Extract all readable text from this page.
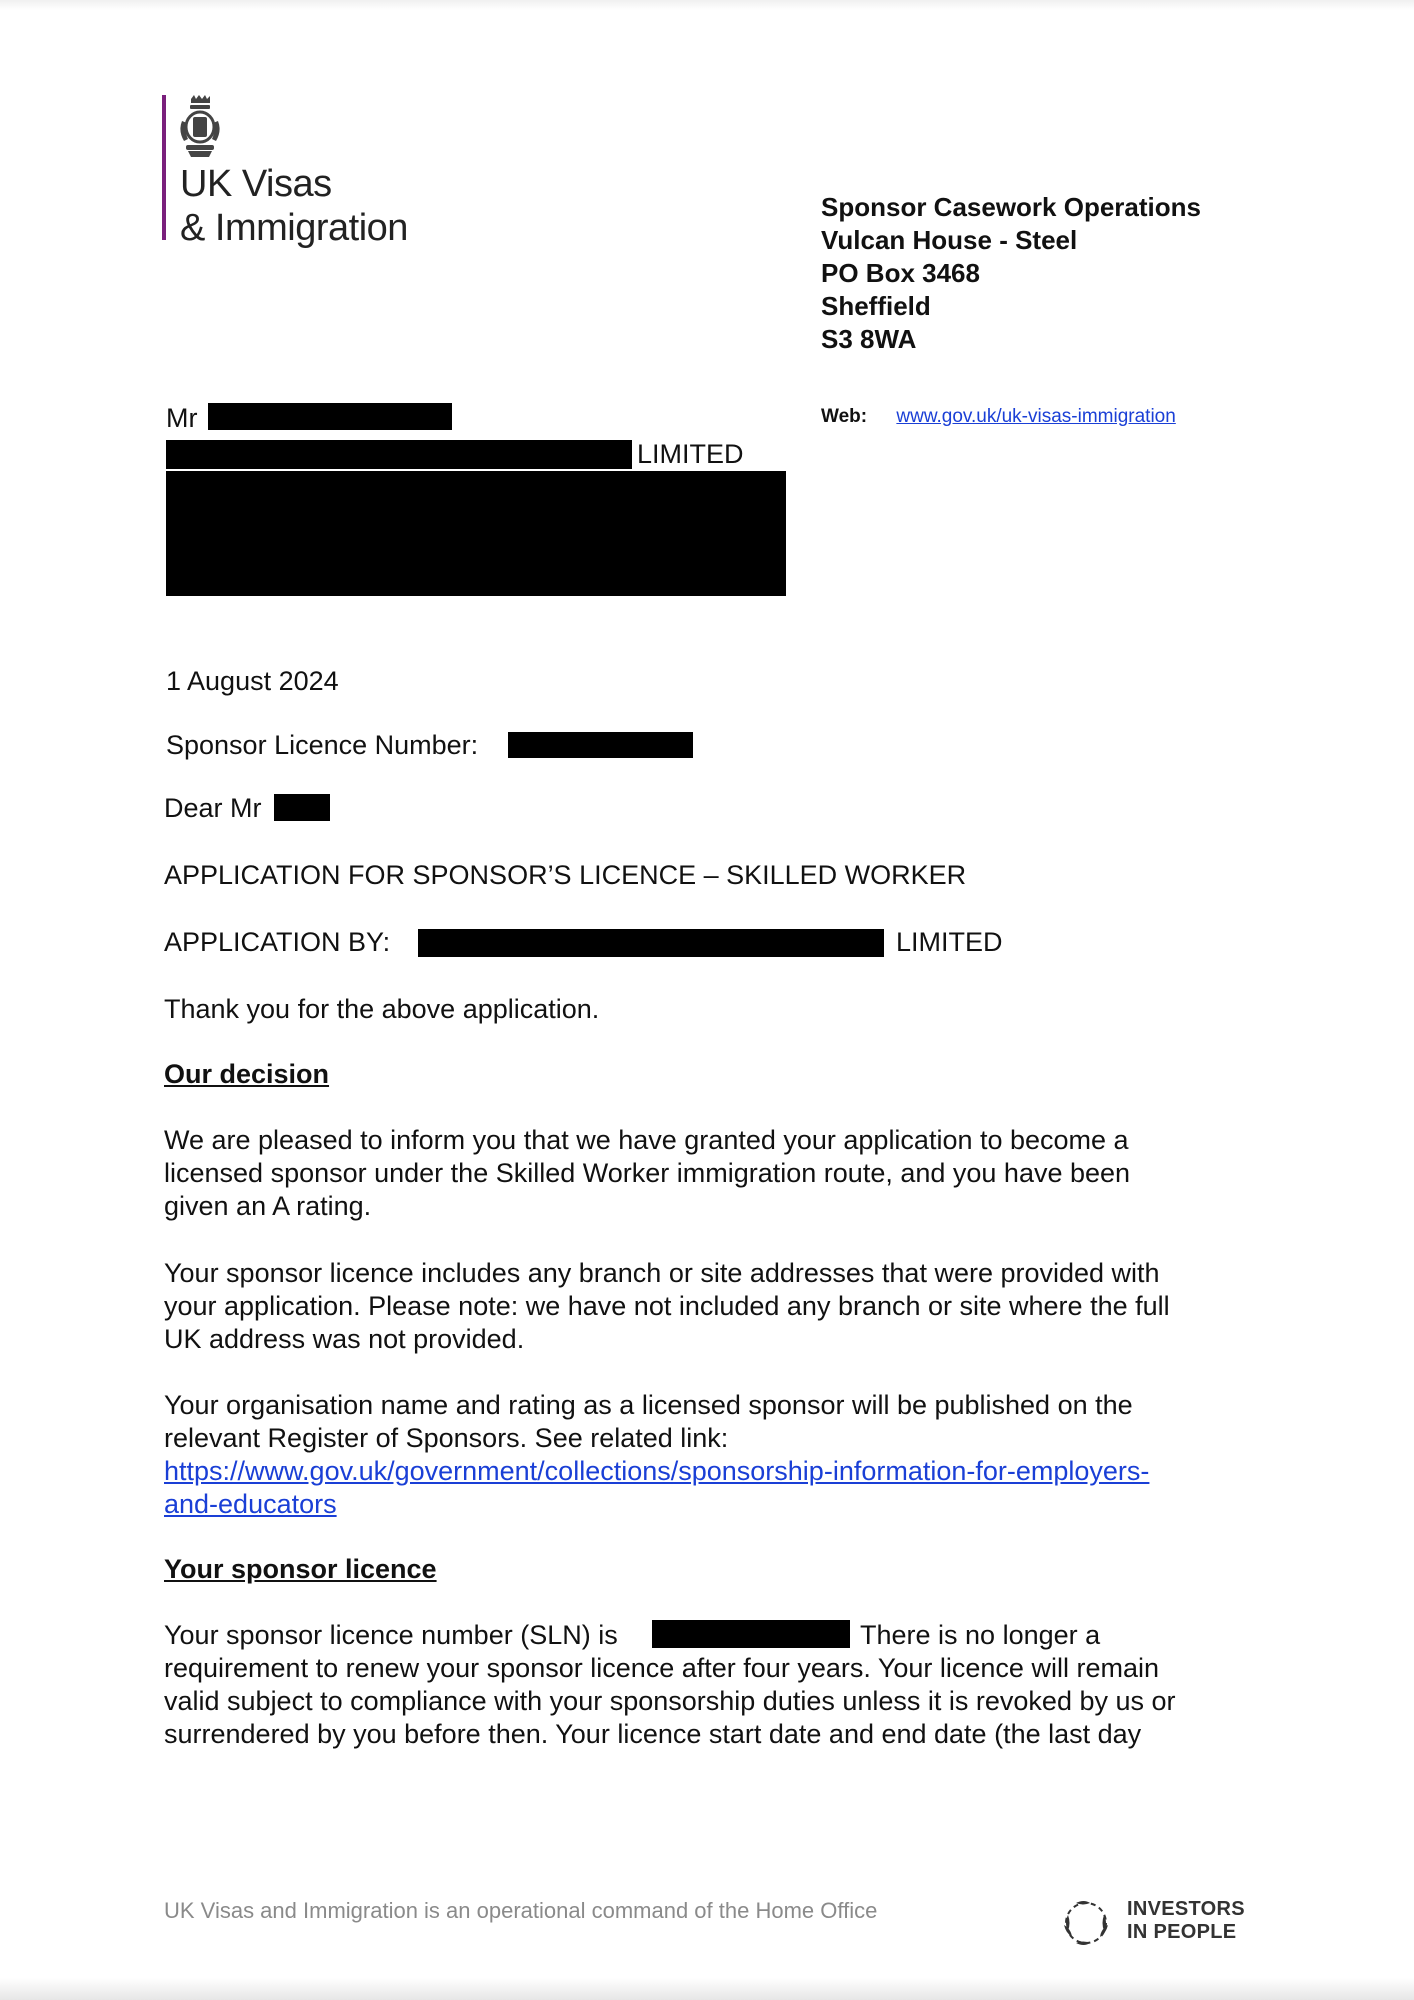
UK Visas
& Immigration	Sponsor Casework Operations
Vulcan House - Steel
PO Box 3468
Sheffield
S3 8WA
Web: www.gov.uk/uk-visas-immigration
Mr
LIMITED
1 August 2024
Sponsor Licence Number:
Dear Mr
APPLICATION FOR SPONSOR’S LICENCE – SKILLED WORKER
APPLICATION BY:	LIMITED
Thank you for the above application.
Our decision
We are pleased to inform you that we have granted your application to become a
licensed sponsor under the Skilled Worker immigration route, and you have been
given an A rating.
Your sponsor licence includes any branch or site addresses that were provided with
your application. Please note: we have not included any branch or site where the full
UK address was not provided.
Your organisation name and rating as a licensed sponsor will be published on the
relevant Register of Sponsors. See related link:
https://www.gov.uk/government/collections/sponsorship-information-for-employers-
and-educators
Your sponsor licence
Your sponsor licence number (SLN) is	There is no longer a
requirement to renew your sponsor licence after four years. Your licence will remain
valid subject to compliance with your sponsorship duties unless it is revoked by us or
surrendered by you before then. Your licence start date and end date (the last day
UK Visas and Immigration is an operational command of the Home Office	INVESTORS
IN PEOPLE
